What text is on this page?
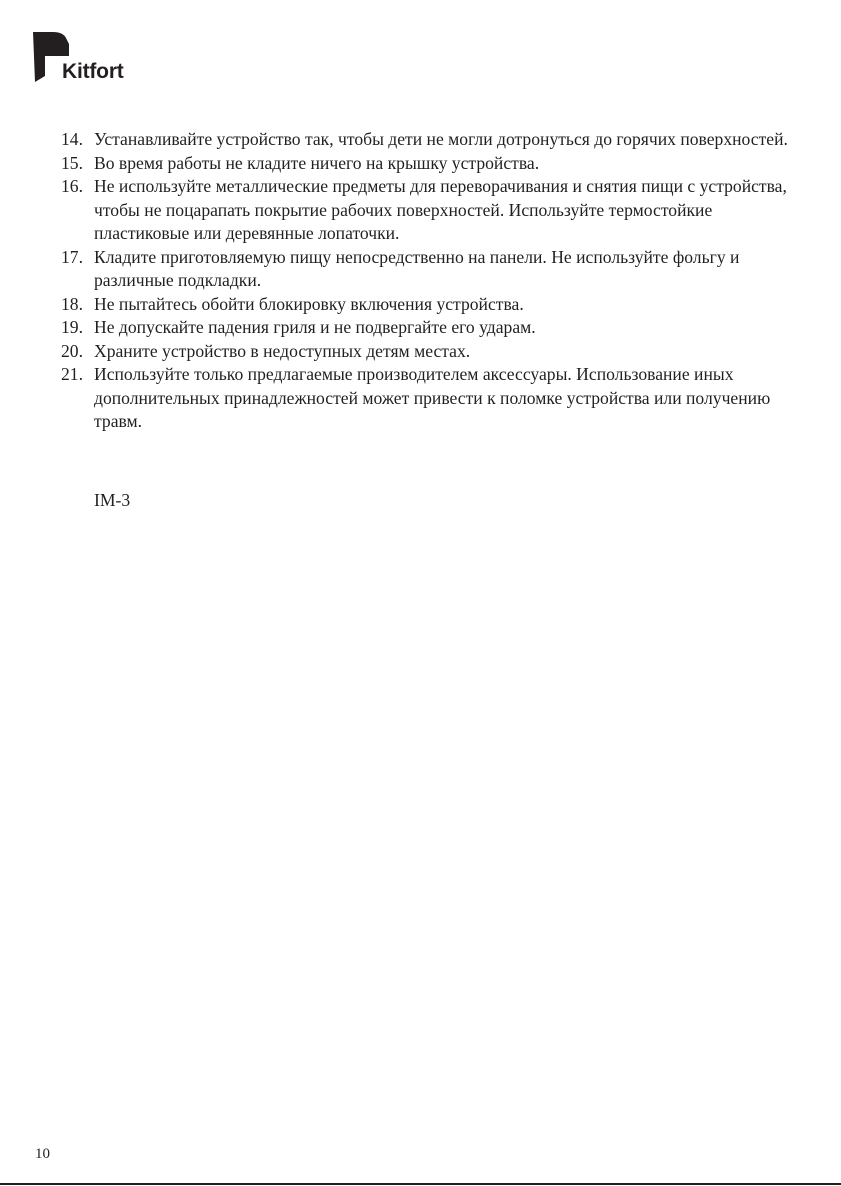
Kitfort
14. Устанавливайте устройство так, чтобы дети не могли дотронуться до горячих поверхностей.
15. Во время работы не кладите ничего на крышку устройства.
16. Не используйте металлические предметы для переворачивания и снятия пищи с устройства, чтобы не поцарапать покрытие рабочих поверхностей. Используйте термостойкие пластиковые или деревянные лопаточки.
17. Кладите приготовляемую пищу непосредственно на панели. Не используйте фольгу и различные подкладки.
18. Не пытайтесь обойти блокировку включения устройства.
19. Не допускайте падения гриля и не подвергайте его ударам.
20. Храните устройство в недоступных детям местах.
21. Используйте только предлагаемые производителем аксессуары. Использование иных дополнительных принадлежностей может привести к поломке устройства или получению травм.
IM-3
10
